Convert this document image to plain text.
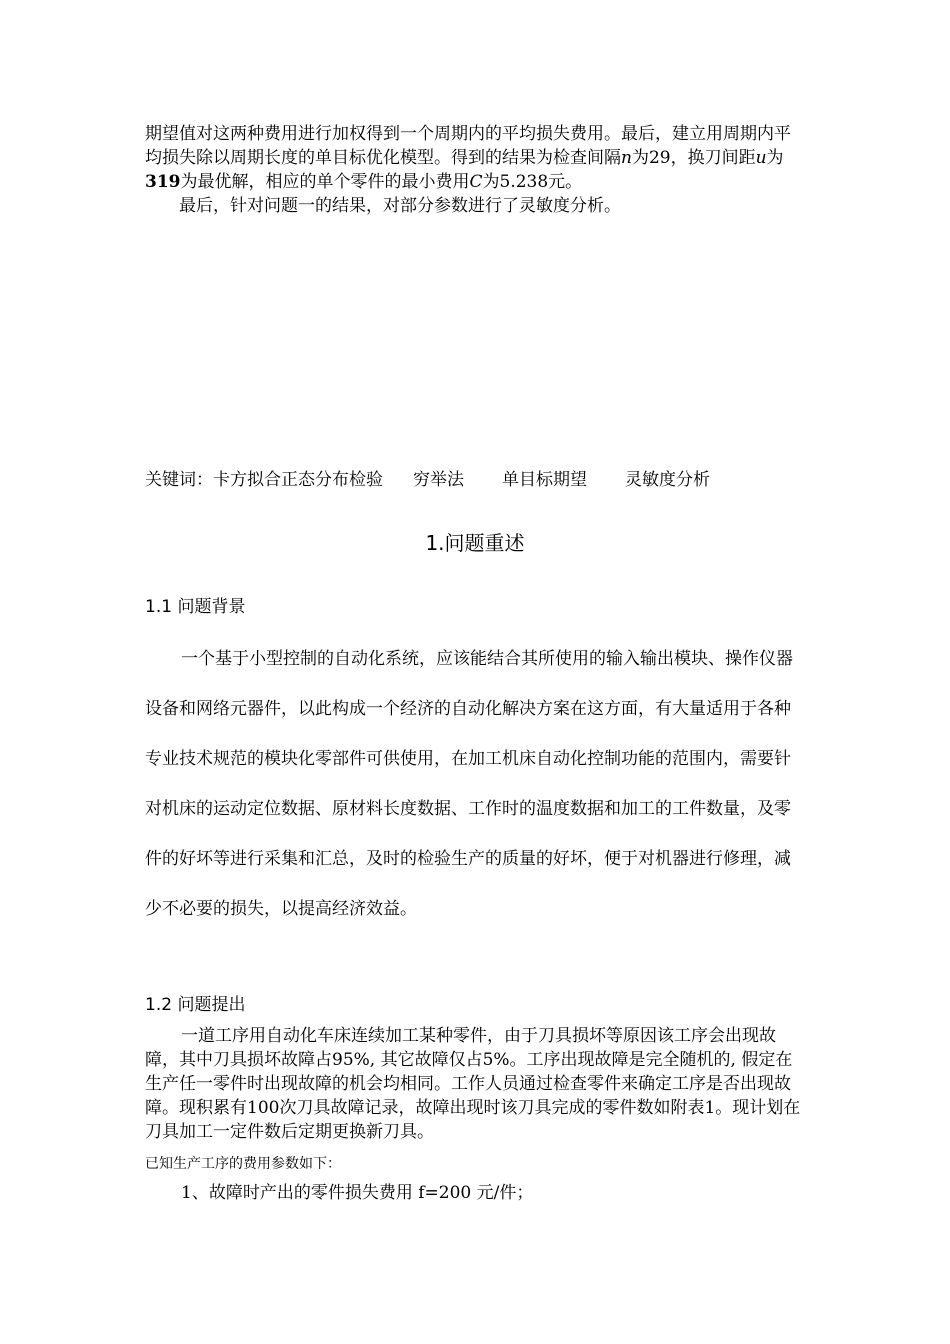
期望值对这两种费用进行加权得到一个周期内的平均损失费用。最后，建立用周期内平均损失除以周期长度的单目标优化模型。得到的结果为检查间隔n为29，换刀间距u为319为最优解，相应的单个零件的最小费用C为5.238元。

最后，针对问题一的结果，对部分参数进行了灵敏度分析。

关键词：卡方拟合正态分布检验 穷举法 单目标期望 灵敏度分析
1.问题重述
1.1 问题背景

一个基于小型控制的自动化系统，应该能结合其所使用的输入输出模块、操作仪器设备和网络元器件，以此构成一个经济的自动化解决方案在这方面，有大量适用于各种专业技术规范的模块化零部件可供使用，在加工机床自动化控制功能的范围内，需要针对机床的运动定位数据、原材料长度数据、工作时的温度数据和加工的工件数量，及零件的好坏等进行采集和汇总，及时的检验生产的质量的好坏，便于对机器进行修理，减少不必要的损失，以提高经济效益。

1.2 问题提出

一道工序用自动化车床连续加工某种零件，由于刀具损坏等原因该工序会出现故障，其中刀具损坏故障占95%, 其它故障仅占5%。工序出现故障是完全随机的, 假定在生产任一零件时出现故障的机会均相同。工作人员通过检查零件来确定工序是否出现故障。现积累有100次刀具故障记录，故障出现时该刀具完成的零件数如附表1。现计划在刀具加工一定件数后定期更换新刀具。

已知生产工序的费用参数如下：
1、故障时产出的零件损失费用 f=200 元/件；
